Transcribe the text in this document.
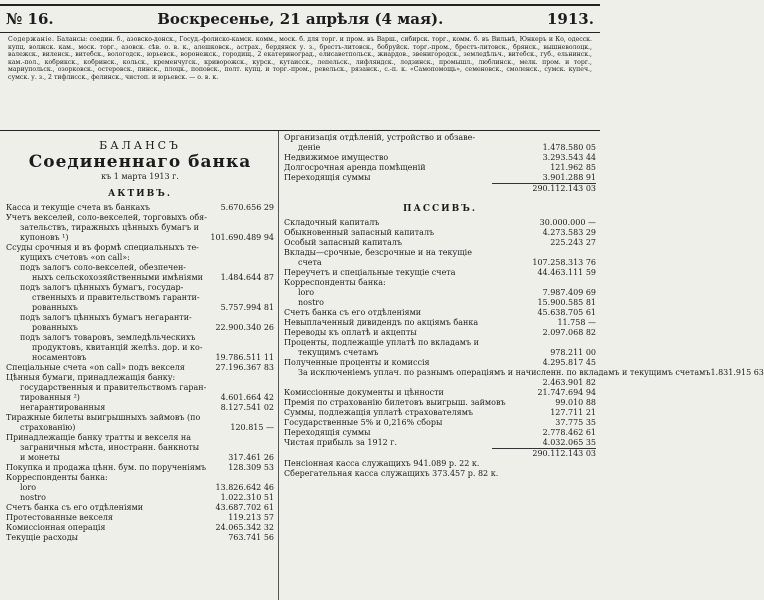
№ 16.	Воскресенье, 21 апрѣля (4 мая).	1913.
Содержаніе. Балансы: соедин. б., азовско-донск., Госуд.-фолиско-камск. комм., моск. б. для торг. и пром. въ Варш., сибирск. торг., комм. б. въ Вильнѣ, Юнкеръ и Ко, одесск. купц. волжск. кам., моск. торг., азовск. сѣв. о. в. к., алешковск., астрах., бердянск у. з., брестъ-литовск., бобруйск. торг.-пром., брестъ-литовск., брянск., вышневолоцк., валежск., виленск., витебск., вологодск., юрьевск., воронежск., городищ., 2 екатериноград., елисаветпольск., жиардов., звенигородск., земледѣльч., витебск., губ., ельнинск., кам.-пол., кобрикск., кобринск., кольск., кременчугск., криворожск., курск., кутаисск., лепельск., лифляндск., лодзинск., промышл., люблинск., мелк. пром. и торг., мариупольск., озорковск., остеровск., пинск., плоцк., поповск., полт. купц. и торг.-пром., ревельск., рязанск., с.-п. к. «Самопомощь», семеновск., смоленск., сумск. купеч., сумск. у. з., 2 тифлисск., фелинск., чистоп. и юрьевск. — о. в. к.
БАЛАНСЪ
Соединеннаго банка
къ 1 марта 1913 г.
АКТИВЪ.
Касса и текущіе счета въ банкахъ	5.670.656 29
Учетъ векселей, соло-векселей, торговыхъ обя-
зательствъ, тиражныхъ цѣнныхъ бумагъ и
купоновъ ¹)	101.690.489 94
Ссуды срочныя и въ формѣ специальныхъ те-
кущихъ счетовъ «on call»:
подъ залогъ соло-векселей, обезпечен-
ныхъ сельскохозяйственными имѣніями	1.484.644 87
подъ залогъ цѣнныхъ бумагъ, государ-
ственныхъ и правительствомъ гаранти-
рованныхъ	5.757.994 81
подъ залогъ цѣнныхъ бумагъ негаранти-
рованныхъ	22.900.340 26
подъ залогъ товаровъ, земледѣльческихъ
продуктовъ, квитанцій желѣз. дор. и ко-
носаментовъ	19.786.511 11
Спеціальные счета «on call» подъ векселя	27.196.367 83
Цѣнныя бумаги, принадлежащія банку:
государственныя и правительствомъ гаран-
тированныя ²)	4.601.664 42
негарантированныя	8.127.541 02
Тиражные билеты выигрышныхъ займовъ (по
страхованію)	120.815 —
Принадлежащіе банку тратты и векселя на
заграничныя мѣста, иностранн. банкноты
и монеты	317.461 26
Покупка и продажа цѣнн. бум. по порученіямъ	128.309 53
Корреспонденты банка:
loro	13.826.642 46
nostro	1.022.310 51
Счетъ банка съ его отдѣленіями	43.687.702 61
Протестованные векселя	119.213 57
Комиссіонная операція	24.065.342 32
Текущіе расходы	763.741 56
Организація отдѣленій, устройство и обзаве-
деніе	1.478.580 05
Недвижимое имущество	3.293.543 44
Долгосрочная аренда помѣщеній	121.962 85
Переходящія суммы	3.901.288 91
290.112.143 03
ПАССИВЪ.
Складочный капиталъ	30.000.000 —
Обыкновенный запасный капиталъ	4.273.583 29
Особый запасный капиталъ	225.243 27
Вклады—срочные, безсрочные и на текущіе
счета	107.258.313 76
Переучетъ и спеціальные текущіе счета	44.463.111 59
Корреспонденты банка:
loro	7.987.409 69
nostro	15.900.585 81
Счетъ банка съ его отдѣленіями	45.638.705 61
Невыплаченный дивидендъ по акціямъ банка	11.758 —
Переводы къ оплатѣ и акцепты	2.097.068 82
Проценты, подлежащіе уплатѣ по вкладамъ и
текущимъ счетамъ	978.211 00
Полученные проценты и комиссія	4.295.817 45
За исключеніемъ уплач. по разнымъ операціямъ и начисленн. по вкладамъ и текущимъ счетамъ 1.831.915 63
2.463.901 82
Комиссіонные документы и цѣнности	21.747.694 94
Премія по страхованію билетовъ выигрыш. займовъ	99.010 88
Суммы, подлежащія уплатѣ страхователямъ	127.711 21
Государственные 5% и 0,216% сборы	37.775 35
Переходящія суммы	2.778.462 61
Чистая прибыль за 1912 г.	4.032.065 35
290.112.143 03
Пенсіонная касса служащихъ 941.089 р. 22 к.
Сберегательная касса служащихъ 373.457 р. 82 к.
